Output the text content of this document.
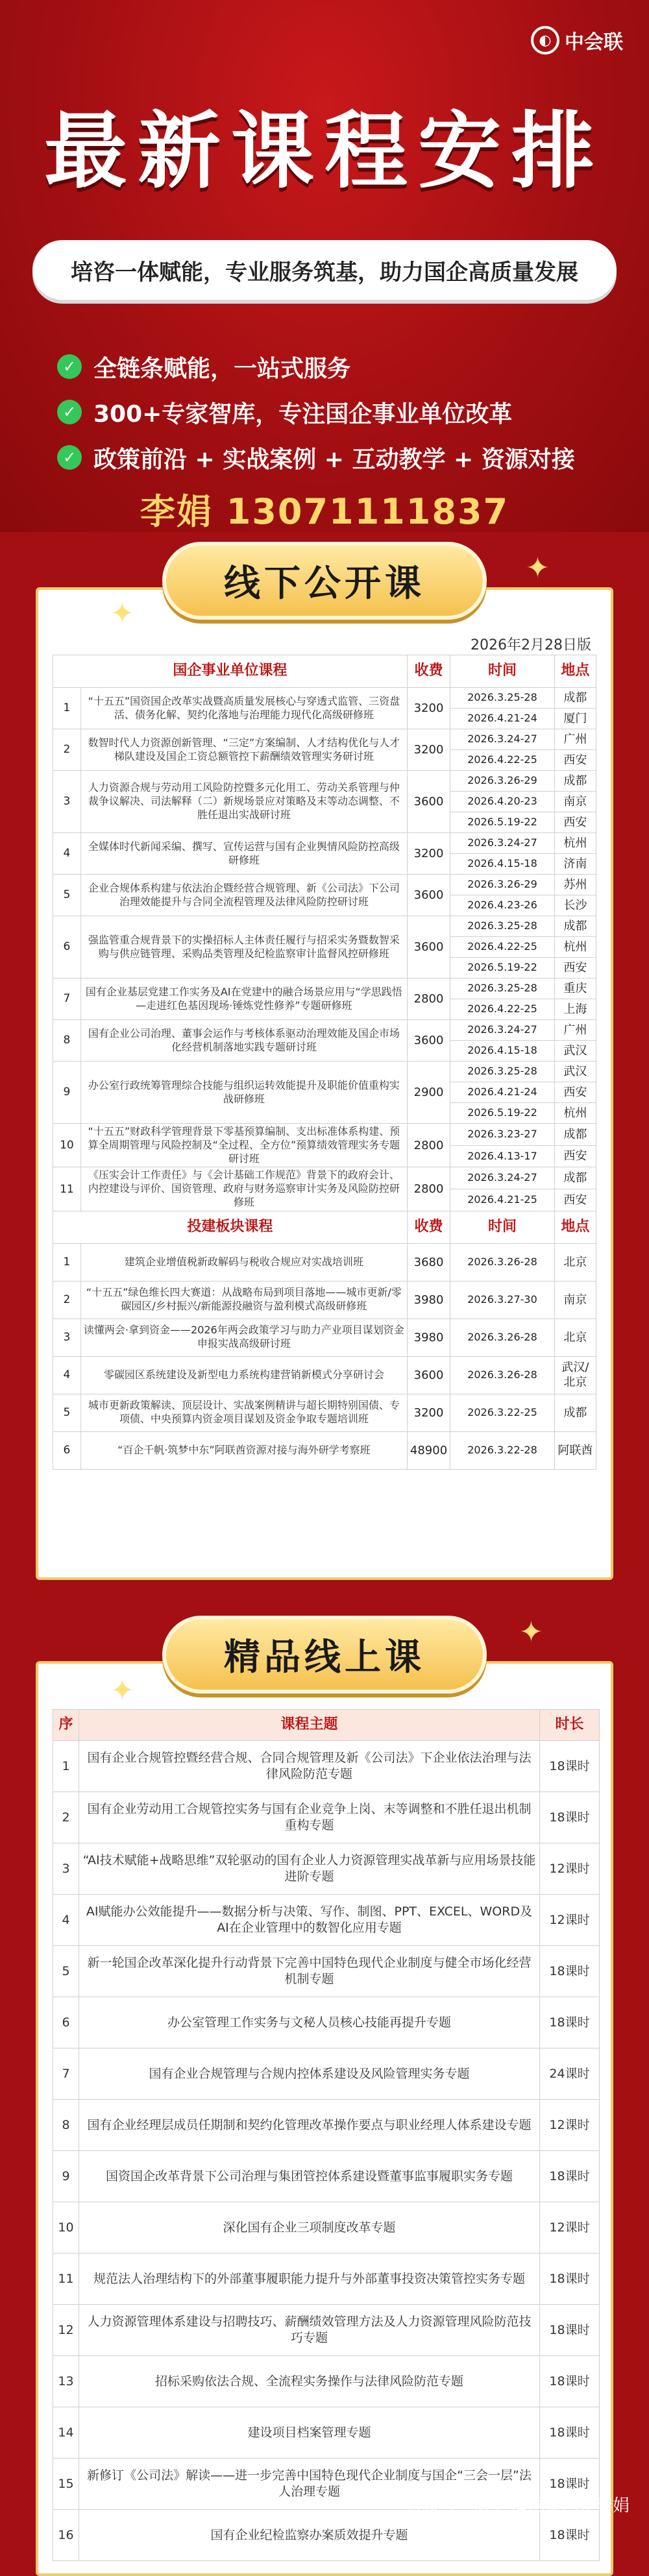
◐ 中会联
最新课程安排
培咨一体赋能，专业服务筑基，助力国企高质量发展
✓ 全链条赋能，一站式服务
✓ 300+专家智库，专注国企事业单位改革
✓ 政策前沿 + 实战案例 + 互动教学 + 资源对接
李娟 13071111837
2026年2月28日版
国企事业单位课程		收费	时间	地点
1	“十五五”国资国企改革实战暨高质量发展核心与穿透式监管、三资盘活、债务化解、契约化落地与治理能力现代化高级研修班	3200	2026.3.25-28	成都
			2026.4.21-24	厦门
2	数智时代人力资源创新管理、“三定”方案编制、人才结构优化与人才梯队建设及国企工资总额管控下薪酬绩效管理实务研讨班	3200	2026.3.24-27	广州
			2026.4.22-25	西安
3	人力资源合规与劳动用工风险防控暨多元化用工、劳动关系管理与仲裁争议解决、司法解释（二）新规场景应对策略及末等动态调整、不胜任退出实战研讨班	3600	2026.3.26-29	成都
			2026.4.20-23	南京
			2026.5.19-22	西安
4	全媒体时代新闻采编、撰写、宣传运营与国有企业舆情风险防控高级研修班	3200	2026.3.24-27	杭州
			2026.4.15-18	济南
5	企业合规体系构建与依法治企暨经营合规管理、新《公司法》下公司治理效能提升与合同全流程管理及法律风险防控研讨班	3600	2026.3.26-29	苏州
			2026.4.23-26	长沙
6	强监管重合规背景下的实操招标人主体责任履行与招采实务暨数智采购与供应链管理、采购品类管理及纪检监察审计监督风控研修班	3600	2026.3.25-28	成都
			2026.4.22-25	杭州
			2026.5.19-22	西安
7	国有企业基层党建工作实务及AI在党建中的融合场景应用与“学思践悟—走进红色基因现场·锤炼党性修养”专题研修班	2800	2026.3.25-28	重庆
			2026.4.22-25	上海
8	国有企业公司治理、董事会运作与考核体系驱动治理效能及国企市场化经营机制落地实践专题研讨班	3600	2026.3.24-27	广州
			2026.4.15-18	武汉
9	办公室行政统筹管理综合技能与组织运转效能提升及职能价值重构实战研修班	2900	2026.3.25-28	武汉
			2026.4.21-24	西安
			2026.5.19-22	杭州
10	“十五五”财政科学管理背景下零基预算编制、支出标准体系构建、预算全周期管理与风险控制及“全过程、全方位”预算绩效管理实务专题研讨班	2800	2026.3.23-27	成都
			2026.4.13-17	西安
11	《压实会计工作责任》与《会计基础工作规范》背景下的政府会计、内控建设与评价、国资管理、政府与财务巡察审计实务及风险防控研修班	2800	2026.3.24-27	成都
			2026.4.21-25	西安
投建板块课程		收费	时间	地点
1	建筑企业增值税新政解码与税收合规应对实战培训班	3680	2026.3.26-28	北京
2	“十五五”绿色维长四大赛道：从战略布局到项目落地——城市更新/零碳园区/乡村振兴/新能源投融资与盈利模式高级研修班	3980	2026.3.27-30	南京
3	读懂两会·拿到资金——2026年两会政策学习与助力产业项目谋划资金申报实战高级研讨班	3980	2026.3.26-28	北京
4	零碳园区系统建设及新型电力系统构建营销新模式分享研讨会	3600	2026.3.26-28	武汉/北京
5	城市更新政策解读、顶层设计、实战案例精讲与超长期特别国债、专项债、中央预算内资金项目谋划及资金争取专题培训班	3200	2026.3.22-25	成都
6	“百企千帆·筑梦中东”阿联酋资源对接与海外研学考察班	48900	2026.3.22-28	阿联酋
线下公开课
✦
✦
序	课程主题	时长
1	国有企业合规管控暨经营合规、合同合规管理及新《公司法》下企业依法治理与法律风险防范专题	18课时
2	国有企业劳动用工合规管控实务与国有企业竞争上岗、末等调整和不胜任退出机制重构专题	18课时
3	“AI技术赋能+战略思维”双轮驱动的国有企业人力资源管理实战革新与应用场景技能进阶专题	12课时
4	AI赋能办公效能提升——数据分析与决策、写作、制图、PPT、EXCEL、WORD及AI在企业管理中的数智化应用专题	12课时
5	新一轮国企改革深化提升行动背景下完善中国特色现代企业制度与健全市场化经营机制专题	18课时
6	办公室管理工作实务与文秘人员核心技能再提升专题	18课时
7	国有企业合规管理与合规内控体系建设及风险管理实务专题	24课时
8	国有企业经理层成员任期制和契约化管理改革操作要点与职业经理人体系建设专题	12课时
9	国资国企改革背景下公司治理与集团管控体系建设暨董事监事履职实务专题	18课时
10	深化国有企业三项制度改革专题	12课时
11	规范法人治理结构下的外部董事履职能力提升与外部董事投资决策管控实务专题	18课时
12	人力资源管理体系建设与招聘技巧、薪酬绩效管理方法及人力资源管理风险防范技巧专题	18课时
13	招标采购依法合规、全流程实务操作与法律风险防范专题	18课时
14	建设项目档案管理专题	18课时
15	新修订《公司法》解读——进一步完善中国特色现代企业制度与国企“三会一层”法人治理专题	18课时
16	国有企业纪检监察办案质效提升专题	18课时
精品线上课
✦
✦
公众号 · 知乎 @国资国企李娟
